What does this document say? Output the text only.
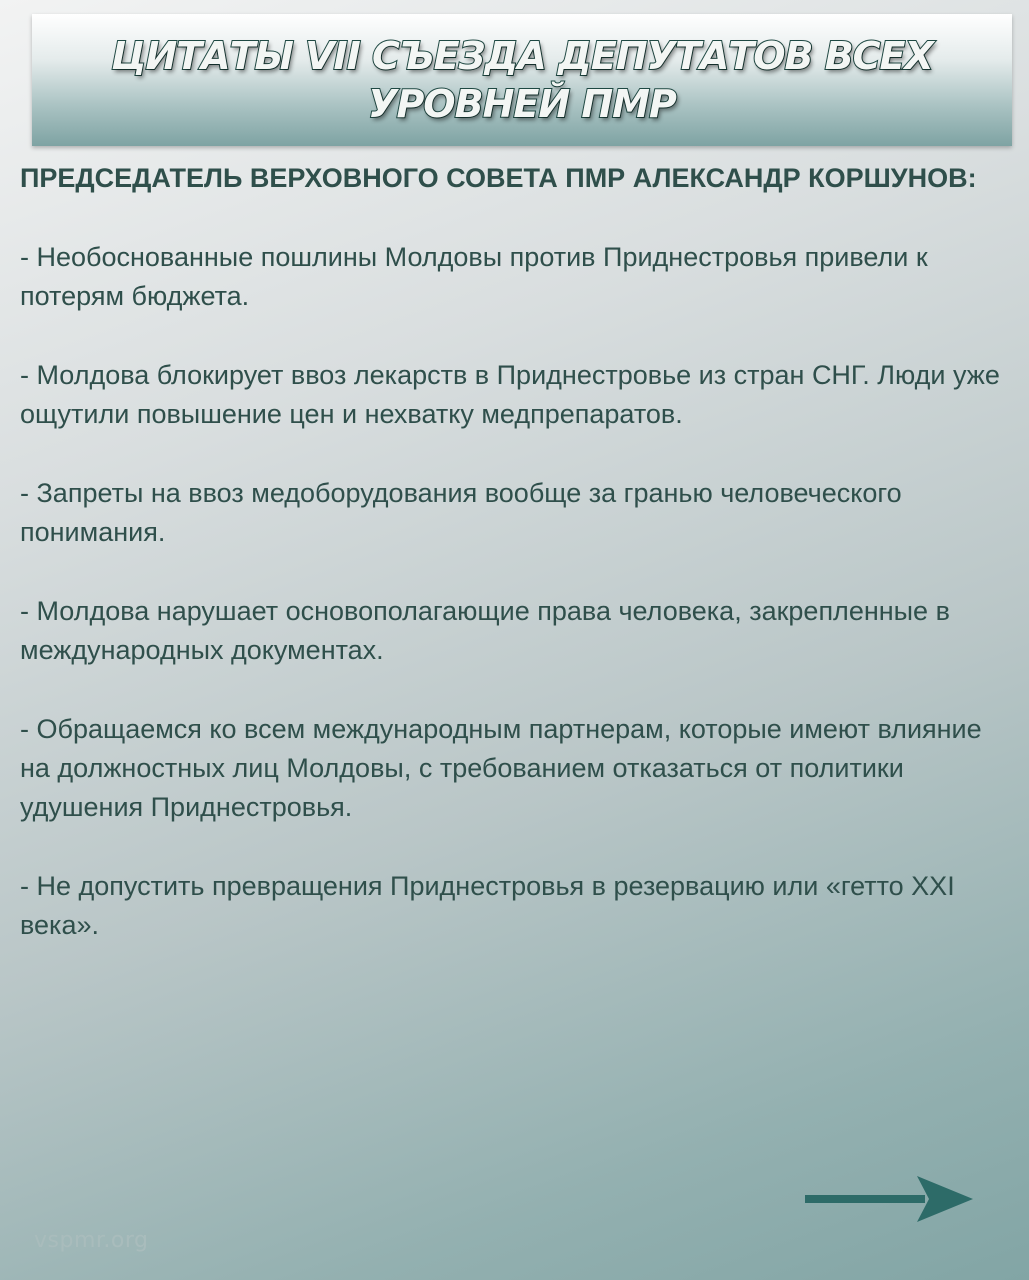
ЦИТАТЫ VII СЪЕЗДА ДЕПУТАТОВ ВСЕХ УРОВНЕЙ ПМР

ПРЕДСЕДАТЕЛЬ ВЕРХОВНОГО СОВЕТА ПМР АЛЕКСАНДР КОРШУНОВ:

- Необоснованные пошлины Молдовы против Приднестровья привели к потерям бюджета.

- Молдова блокирует ввоз лекарств в Приднестровье из стран СНГ. Люди уже ощутили повышение цен и нехватку медпрепаратов.

- Запреты на ввоз медоборудования вообще за гранью человеческого понимания.

- Молдова нарушает основополагающие права человека, закрепленные в международных документах.

- Обращаемся ко всем международным партнерам, которые имеют влияние на должностных лиц Молдовы, с требованием отказаться от политики удушения Приднестровья.

- Не допустить превращения Приднестровья в резервацию или «гетто XXI века».

vspmr.org
